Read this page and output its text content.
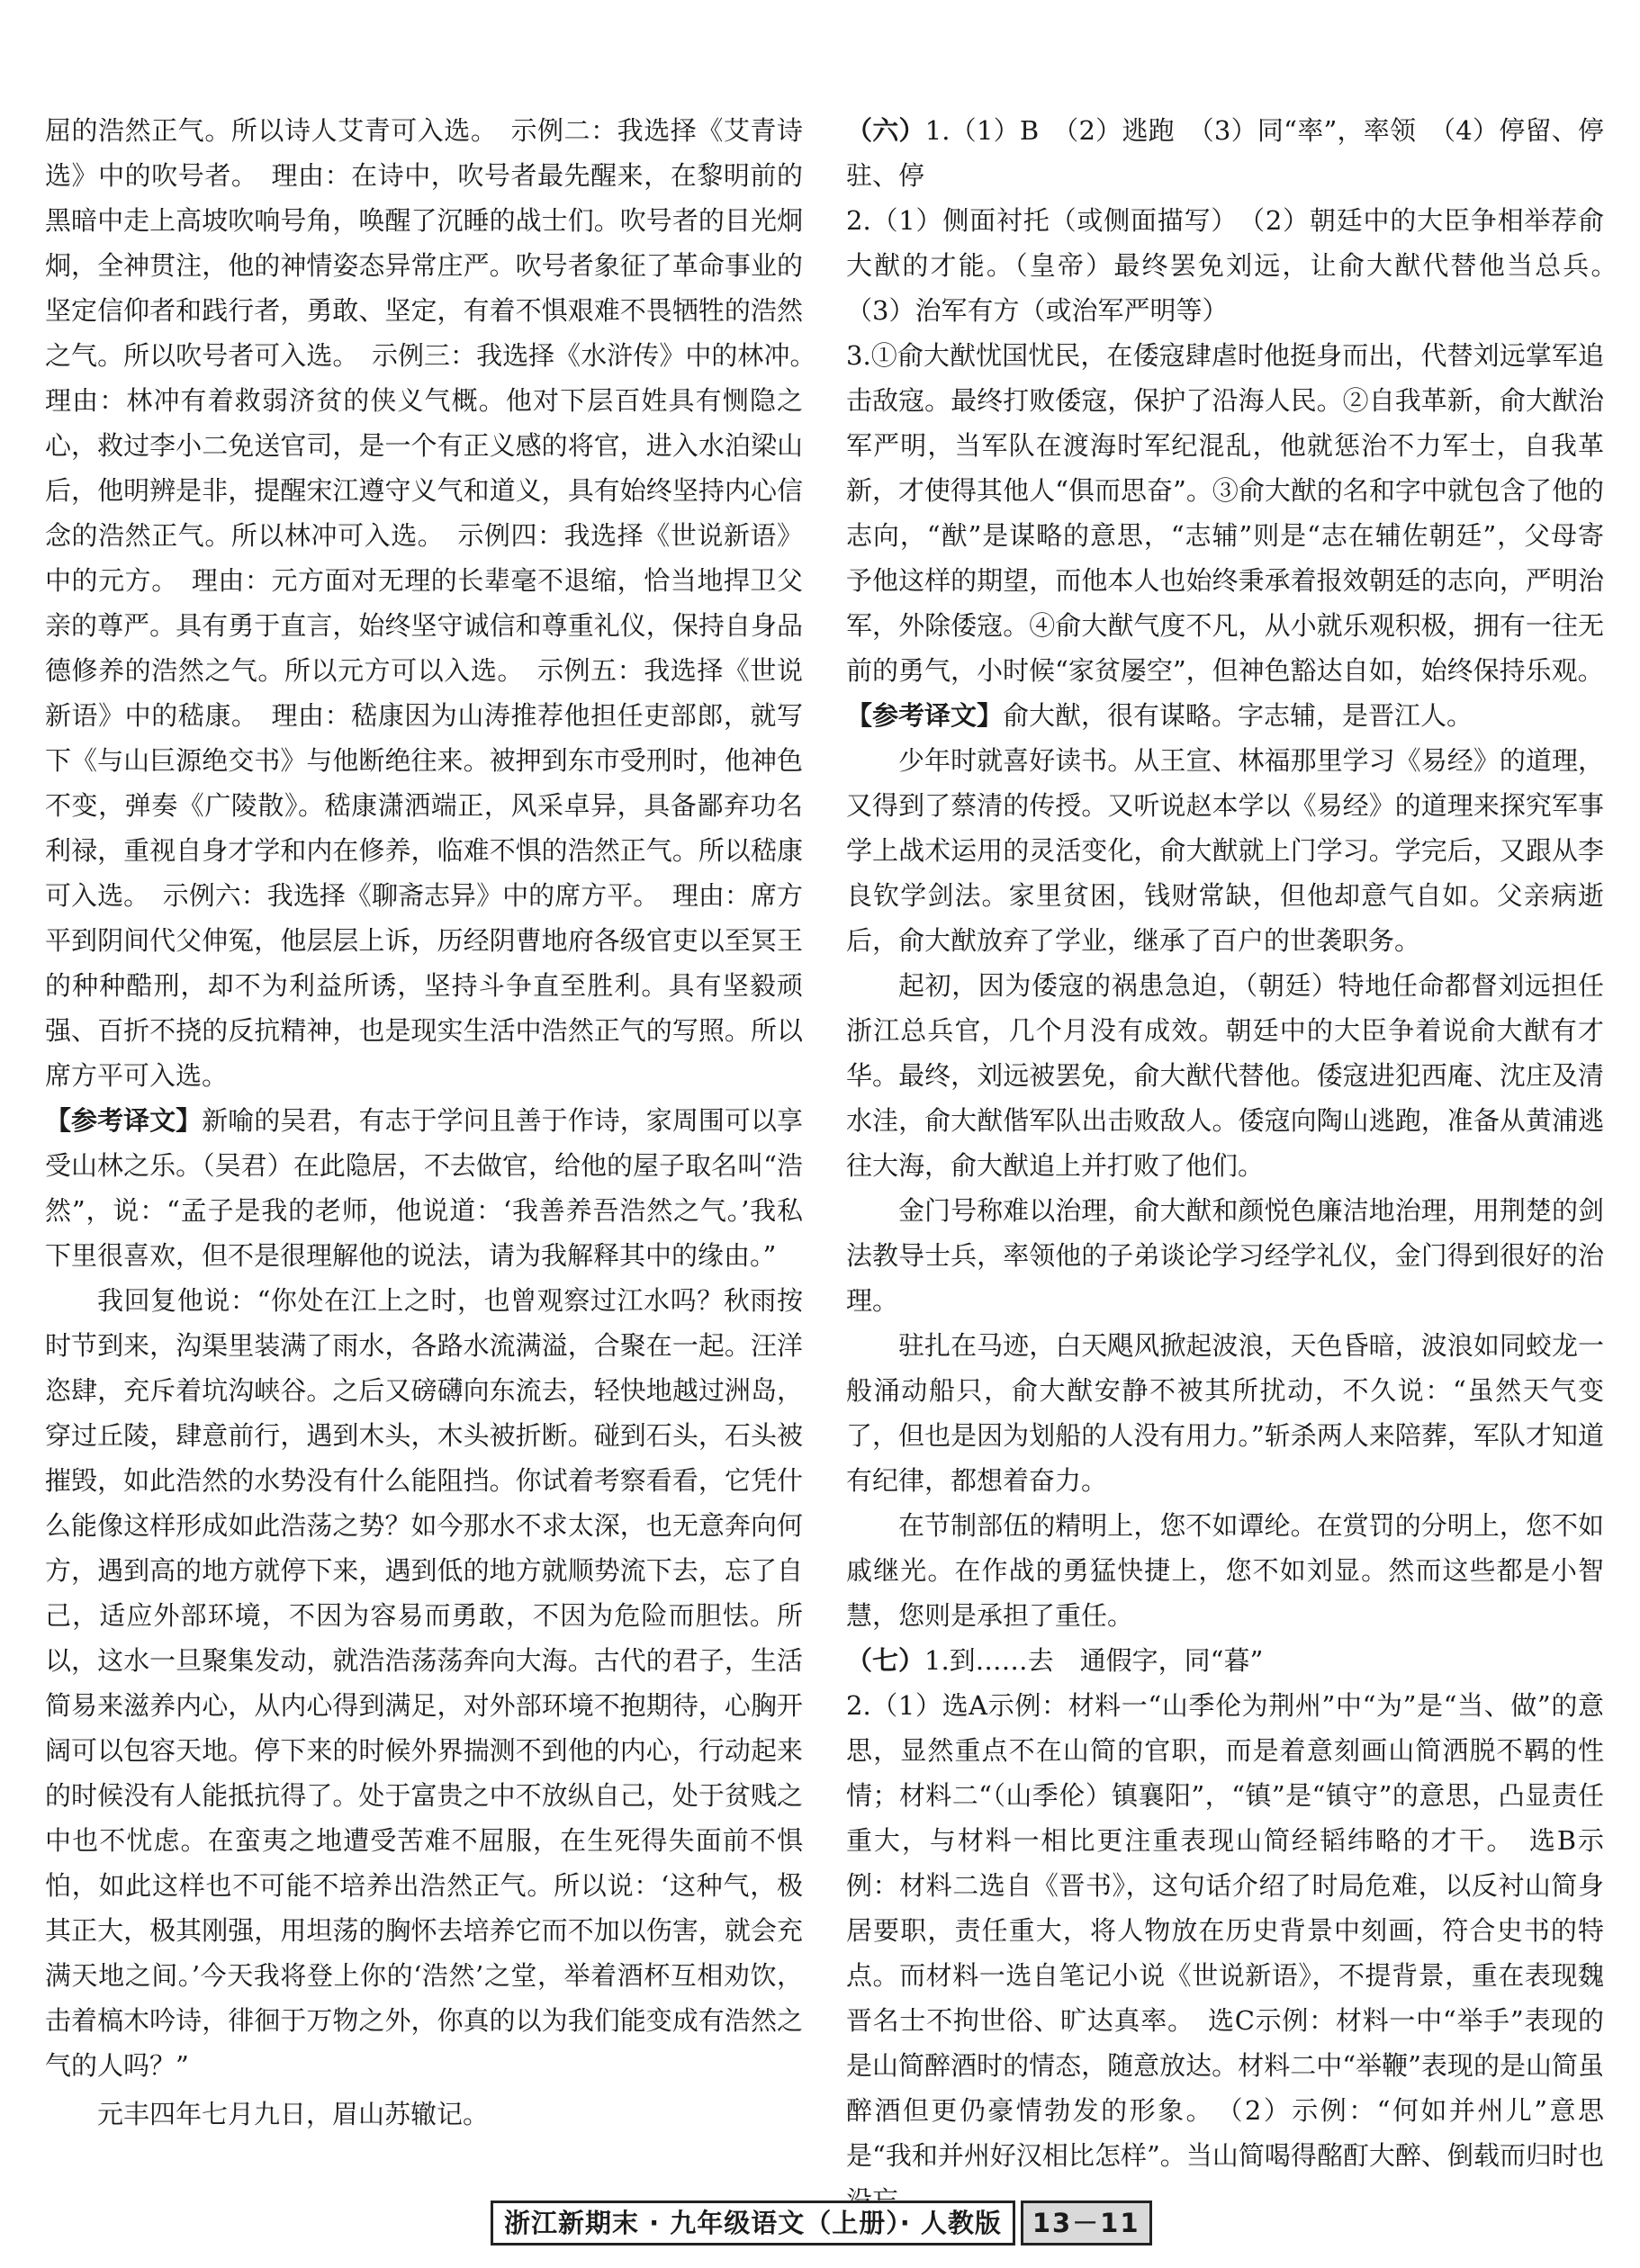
屈的浩然正气。所以诗人艾青可入选。　示例二：我选择《艾青诗选》中的吹号者。　理由：在诗中，吹号者最先醒来，在黎明前的黑暗中走上高坡吹响号角，唤醒了沉睡的战士们。吹号者的目光炯炯，全神贯注，他的神情姿态异常庄严。吹号者象征了革命事业的坚定信仰者和践行者，勇敢、坚定，有着不惧艰难不畏牺牲的浩然之气。所以吹号者可入选。　示例三：我选择《水浒传》中的林冲。　理由：林冲有着救弱济贫的侠义气概。他对下层百姓具有恻隐之心，救过李小二免送官司，是一个有正义感的将官，进入水泊梁山后，他明辨是非，提醒宋江遵守义气和道义，具有始终坚持内心信念的浩然正气。所以林冲可入选。　示例四：我选择《世说新语》中的元方。　理由：元方面对无理的长辈毫不退缩，恰当地捍卫父亲的尊严。具有勇于直言，始终坚守诚信和尊重礼仪，保持自身品德修养的浩然之气。所以元方可以入选。　示例五：我选择《世说新语》中的嵇康。　理由：嵇康因为山涛推荐他担任吏部郎，就写下《与山巨源绝交书》与他断绝往来。被押到东市受刑时，他神色不变，弹奏《广陵散》。嵇康潇洒端正，风采卓异，具备鄙弃功名利禄，重视自身才学和内在修养，临难不惧的浩然正气。所以嵇康可入选。　示例六：我选择《聊斋志异》中的席方平。　理由：席方平到阴间代父伸冤，他层层上诉，历经阴曹地府各级官吏以至冥王的种种酷刑，却不为利益所诱，坚持斗争直至胜利。具有坚毅顽强、百折不挠的反抗精神，也是现实生活中浩然正气的写照。所以席方平可入选。

【参考译文】新喻的吴君，有志于学问且善于作诗，家周围可以享受山林之乐。（吴君）在此隐居，不去做官，给他的屋子取名叫“浩然”，说：“孟子是我的老师，他说道：‘我善养吾浩然之气。’我私下里很喜欢，但不是很理解他的说法，请为我解释其中的缘由。”

我回复他说：“你处在江上之时，也曾观察过江水吗？秋雨按时节到来，沟渠里装满了雨水，各路水流满溢，合聚在一起。汪洋恣肆，充斥着坑沟峡谷。之后又磅礴向东流去，轻快地越过洲岛，穿过丘陵，肆意前行，遇到木头，木头被折断。碰到石头，石头被摧毁，如此浩然的水势没有什么能阻挡。你试着考察看看，它凭什么能像这样形成如此浩荡之势？如今那水不求太深，也无意奔向何方，遇到高的地方就停下来，遇到低的地方就顺势流下去，忘了自己，适应外部环境，不因为容易而勇敢，不因为危险而胆怯。所以，这水一旦聚集发动，就浩浩荡荡奔向大海。古代的君子，生活简易来滋养内心，从内心得到满足，对外部环境不抱期待，心胸开阔可以包容天地。停下来的时候外界揣测不到他的内心，行动起来的时候没有人能抵抗得了。处于富贵之中不放纵自己，处于贫贱之中也不忧虑。在蛮夷之地遭受苦难不屈服，在生死得失面前不惧怕，如此这样也不可能不培养出浩然正气。所以说：‘这种气，极其正大，极其刚强，用坦荡的胸怀去培养它而不加以伤害，就会充满天地之间。’今天我将登上你的‘浩然’之堂，举着酒杯互相劝饮，击着槁木吟诗，徘徊于万物之外，你真的以为我们能变成有浩然之气的人吗？”

元丰四年七月九日，眉山苏辙记。

（六）1.（1）B　（2）逃跑　（3）同“率”，率领　（4）停留、停驻、停

2.（1）侧面衬托（或侧面描写）　（2）朝廷中的大臣争相举荐俞大猷的才能。（皇帝）最终罢免刘远，让俞大猷代替他当总兵。　（3）治军有方（或治军严明等）

3.①俞大猷忧国忧民，在倭寇肆虐时他挺身而出，代替刘远掌军追击敌寇。最终打败倭寇，保护了沿海人民。②自我革新，俞大猷治军严明，当军队在渡海时军纪混乱，他就惩治不力军士，自我革新，才使得其他人“俱而思奋”。③俞大猷的名和字中就包含了他的志向，“猷”是谋略的意思，“志辅”则是“志在辅佐朝廷”，父母寄予他这样的期望，而他本人也始终秉承着报效朝廷的志向，严明治军，外除倭寇。④俞大猷气度不凡，从小就乐观积极，拥有一往无前的勇气，小时候“家贫屡空”，但神色豁达自如，始终保持乐观。

【参考译文】俞大猷，很有谋略。字志辅，是晋江人。

少年时就喜好读书。从王宣、林福那里学习《易经》的道理，又得到了蔡清的传授。又听说赵本学以《易经》的道理来探究军事学上战术运用的灵活变化，俞大猷就上门学习。学完后，又跟从李良钦学剑法。家里贫困，钱财常缺，但他却意气自如。父亲病逝后，俞大猷放弃了学业，继承了百户的世袭职务。

起初，因为倭寇的祸患急迫，（朝廷）特地任命都督刘远担任浙江总兵官，几个月没有成效。朝廷中的大臣争着说俞大猷有才华。最终，刘远被罢免，俞大猷代替他。倭寇进犯西庵、沈庄及清水洼，俞大猷偕军队出击败敌人。倭寇向陶山逃跑，准备从黄浦逃往大海，俞大猷追上并打败了他们。

金门号称难以治理，俞大猷和颜悦色廉洁地治理，用荆楚的剑法教导士兵，率领他的子弟谈论学习经学礼仪，金门得到很好的治理。

驻扎在马迹，白天飓风掀起波浪，天色昏暗，波浪如同蛟龙一般涌动船只，俞大猷安静不被其所扰动，不久说：“虽然天气变了，但也是因为划船的人没有用力。”斩杀两人来陪葬，军队才知道有纪律，都想着奋力。

在节制部伍的精明上，您不如谭纶。在赏罚的分明上，您不如戚继光。在作战的勇猛快捷上，您不如刘显。然而这些都是小智慧，您则是承担了重任。

（七）1.到……去　通假字，同“暮”

2.（1）选A示例：材料一“山季伦为荆州”中“为”是“当、做”的意思，显然重点不在山简的官职，而是着意刻画山简洒脱不羁的性情；材料二“（山季伦）镇襄阳”，“镇”是“镇守”的意思，凸显责任重大，与材料一相比更注重表现山简经韬纬略的才干。　选B示例：材料二选自《晋书》，这句话介绍了时局危难，以反衬山简身居要职，责任重大，将人物放在历史背景中刻画，符合史书的特点。而材料一选自笔记小说《世说新语》，不提背景，重在表现魏晋名士不拘世俗、旷达真率。　选C示例：材料一中“举手”表现的是山简醉酒时的情态，随意放达。材料二中“举鞭”表现的是山简虽醉酒但更仍豪情勃发的形象。　（2）示例：“何如并州儿”意思是“我和并州好汉相比怎样”。当山简喝得酩酊大醉、倒载而归时也

浙江新期末 · 九年级语文（上册）· 人教版	13－11
